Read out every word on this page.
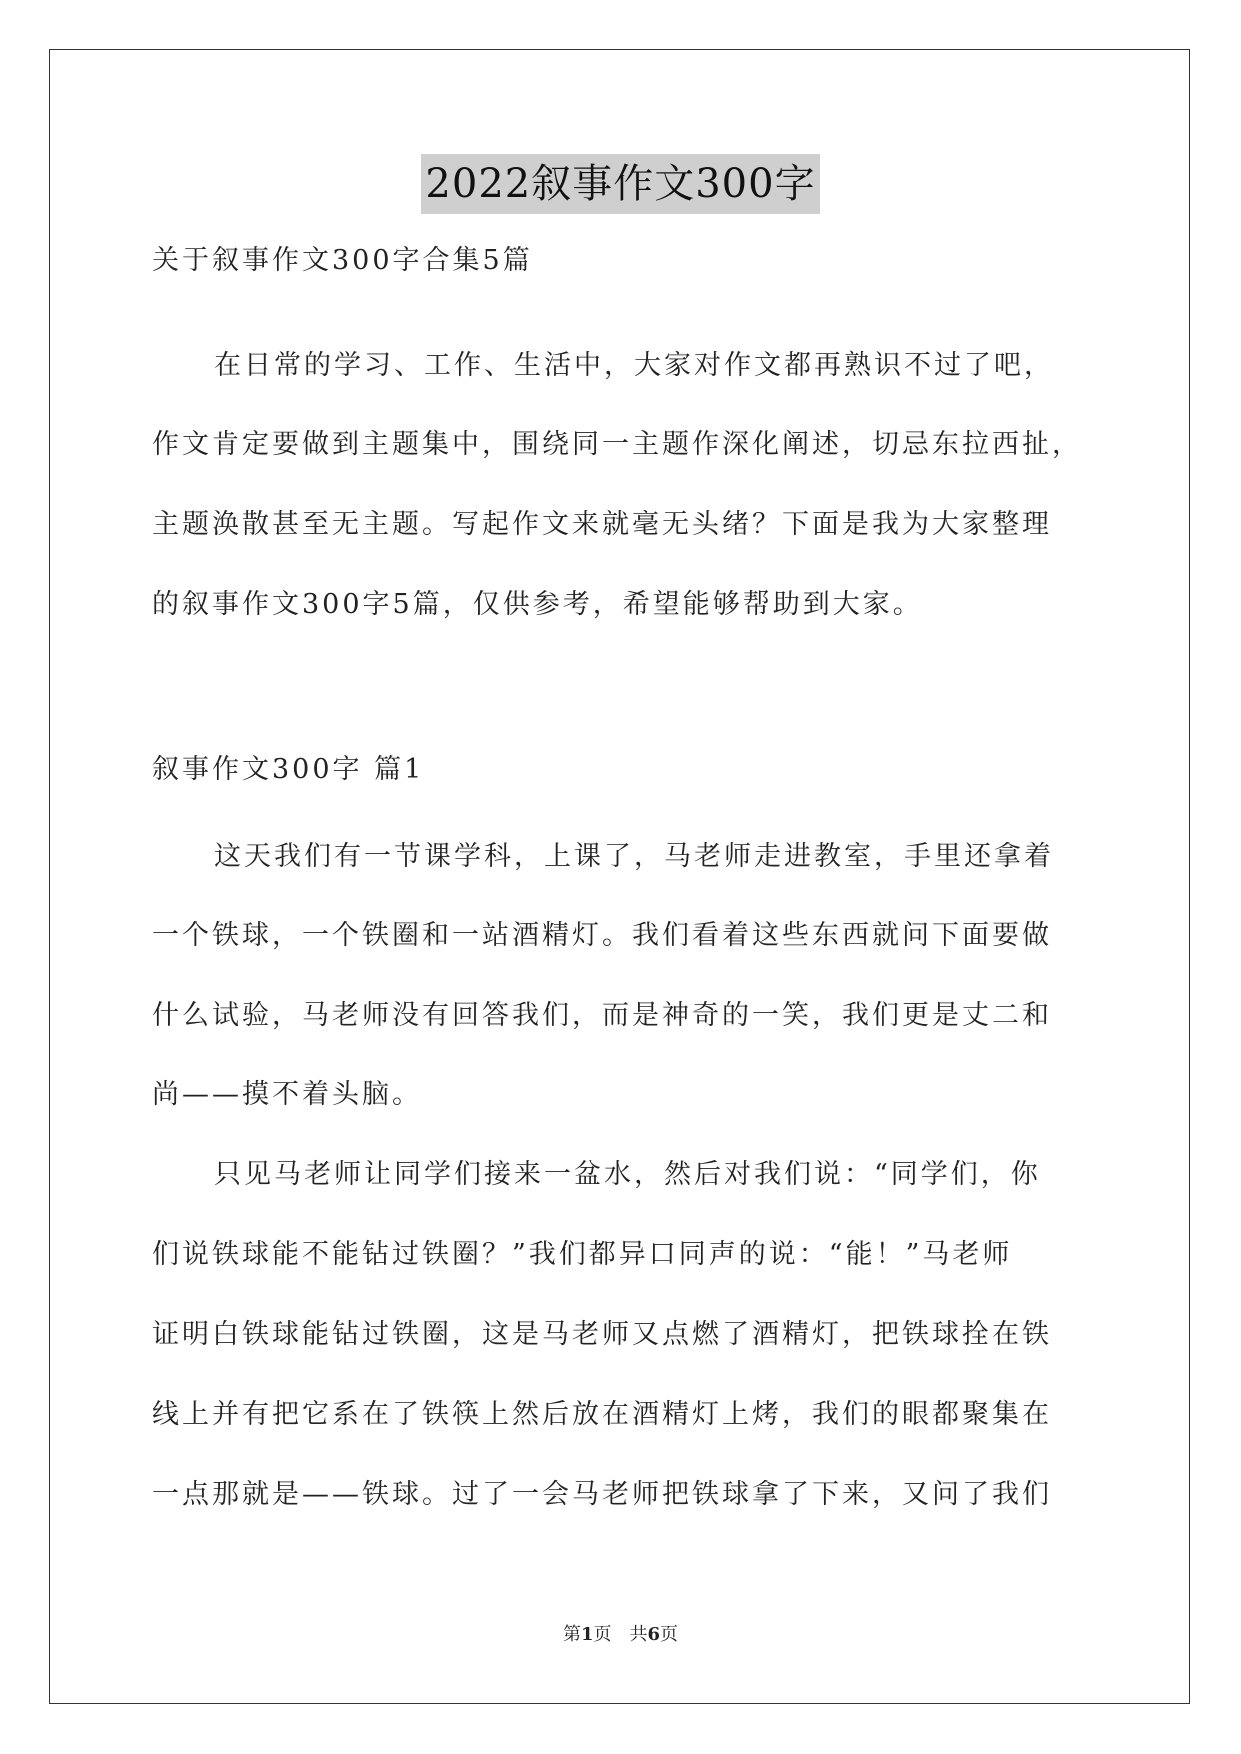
2022叙事作文300字
关于叙事作文300字合集5篇
在日常的学习、工作、生活中，大家对作文都再熟识不过了吧，
作文肯定要做到主题集中，围绕同一主题作深化阐述，切忌东拉西扯，
主题涣散甚至无主题。写起作文来就毫无头绪？下面是我为大家整理
的叙事作文300字5篇，仅供参考，希望能够帮助到大家。
叙事作文300字 篇1
这天我们有一节课学科，上课了，马老师走进教室，手里还拿着
一个铁球，一个铁圈和一站酒精灯。我们看着这些东西就问下面要做
什么试验，马老师没有回答我们，而是神奇的一笑，我们更是丈二和
尚——摸不着头脑。
只见马老师让同学们接来一盆水，然后对我们说：“同学们，你
们说铁球能不能钻过铁圈？”我们都异口同声的说：“能！”马老师
证明白铁球能钻过铁圈，这是马老师又点燃了酒精灯，把铁球拴在铁
线上并有把它系在了铁筷上然后放在酒精灯上烤，我们的眼都聚集在
一点那就是——铁球。过了一会马老师把铁球拿了下来，又问了我们
第1页　共6页
